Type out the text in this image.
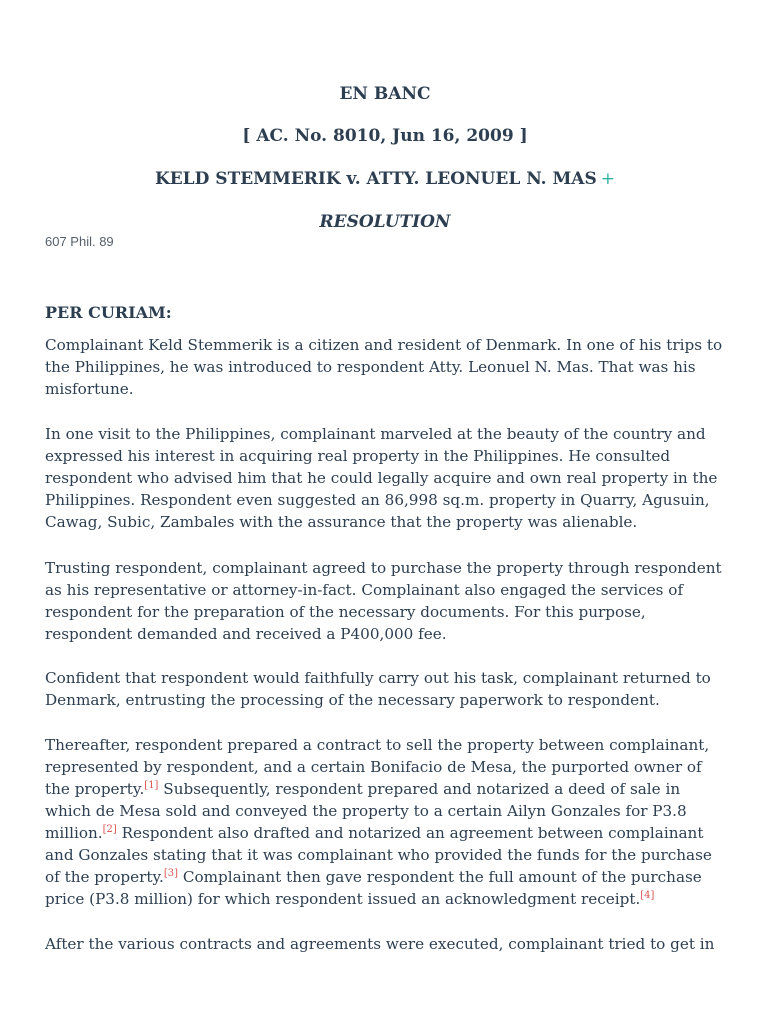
EN BANC

[ AC. No. 8010, Jun 16, 2009 ]

KELD STEMMERIK v. ATTY. LEONUEL N. MAS +

RESOLUTION

607 Phil. 89

PER CURIAM:

Complainant Keld Stemmerik is a citizen and resident of Denmark. In one of his trips to the Philippines, he was introduced to respondent Atty. Leonuel N. Mas. That was his misfortune.

In one visit to the Philippines, complainant marveled at the beauty of the country and expressed his interest in acquiring real property in the Philippines. He consulted respondent who advised him that he could legally acquire and own real property in the Philippines. Respondent even suggested an 86,998 sq.m. property in Quarry, Agusuin, Cawag, Subic, Zambales with the assurance that the property was alienable.

Trusting respondent, complainant agreed to purchase the property through respondent as his representative or attorney-in-fact. Complainant also engaged the services of respondent for the preparation of the necessary documents. For this purpose, respondent demanded and received a P400,000 fee.

Confident that respondent would faithfully carry out his task, complainant returned to Denmark, entrusting the processing of the necessary paperwork to respondent.

Thereafter, respondent prepared a contract to sell the property between complainant, represented by respondent, and a certain Bonifacio de Mesa, the purported owner of the property.[1] Subsequently, respondent prepared and notarized a deed of sale in which de Mesa sold and conveyed the property to a certain Ailyn Gonzales for P3.8 million.[2] Respondent also drafted and notarized an agreement between complainant and Gonzales stating that it was complainant who provided the funds for the purchase of the property.[3] Complainant then gave respondent the full amount of the purchase price (P3.8 million) for which respondent issued an acknowledgment receipt.[4]

After the various contracts and agreements were executed, complainant tried to get in
